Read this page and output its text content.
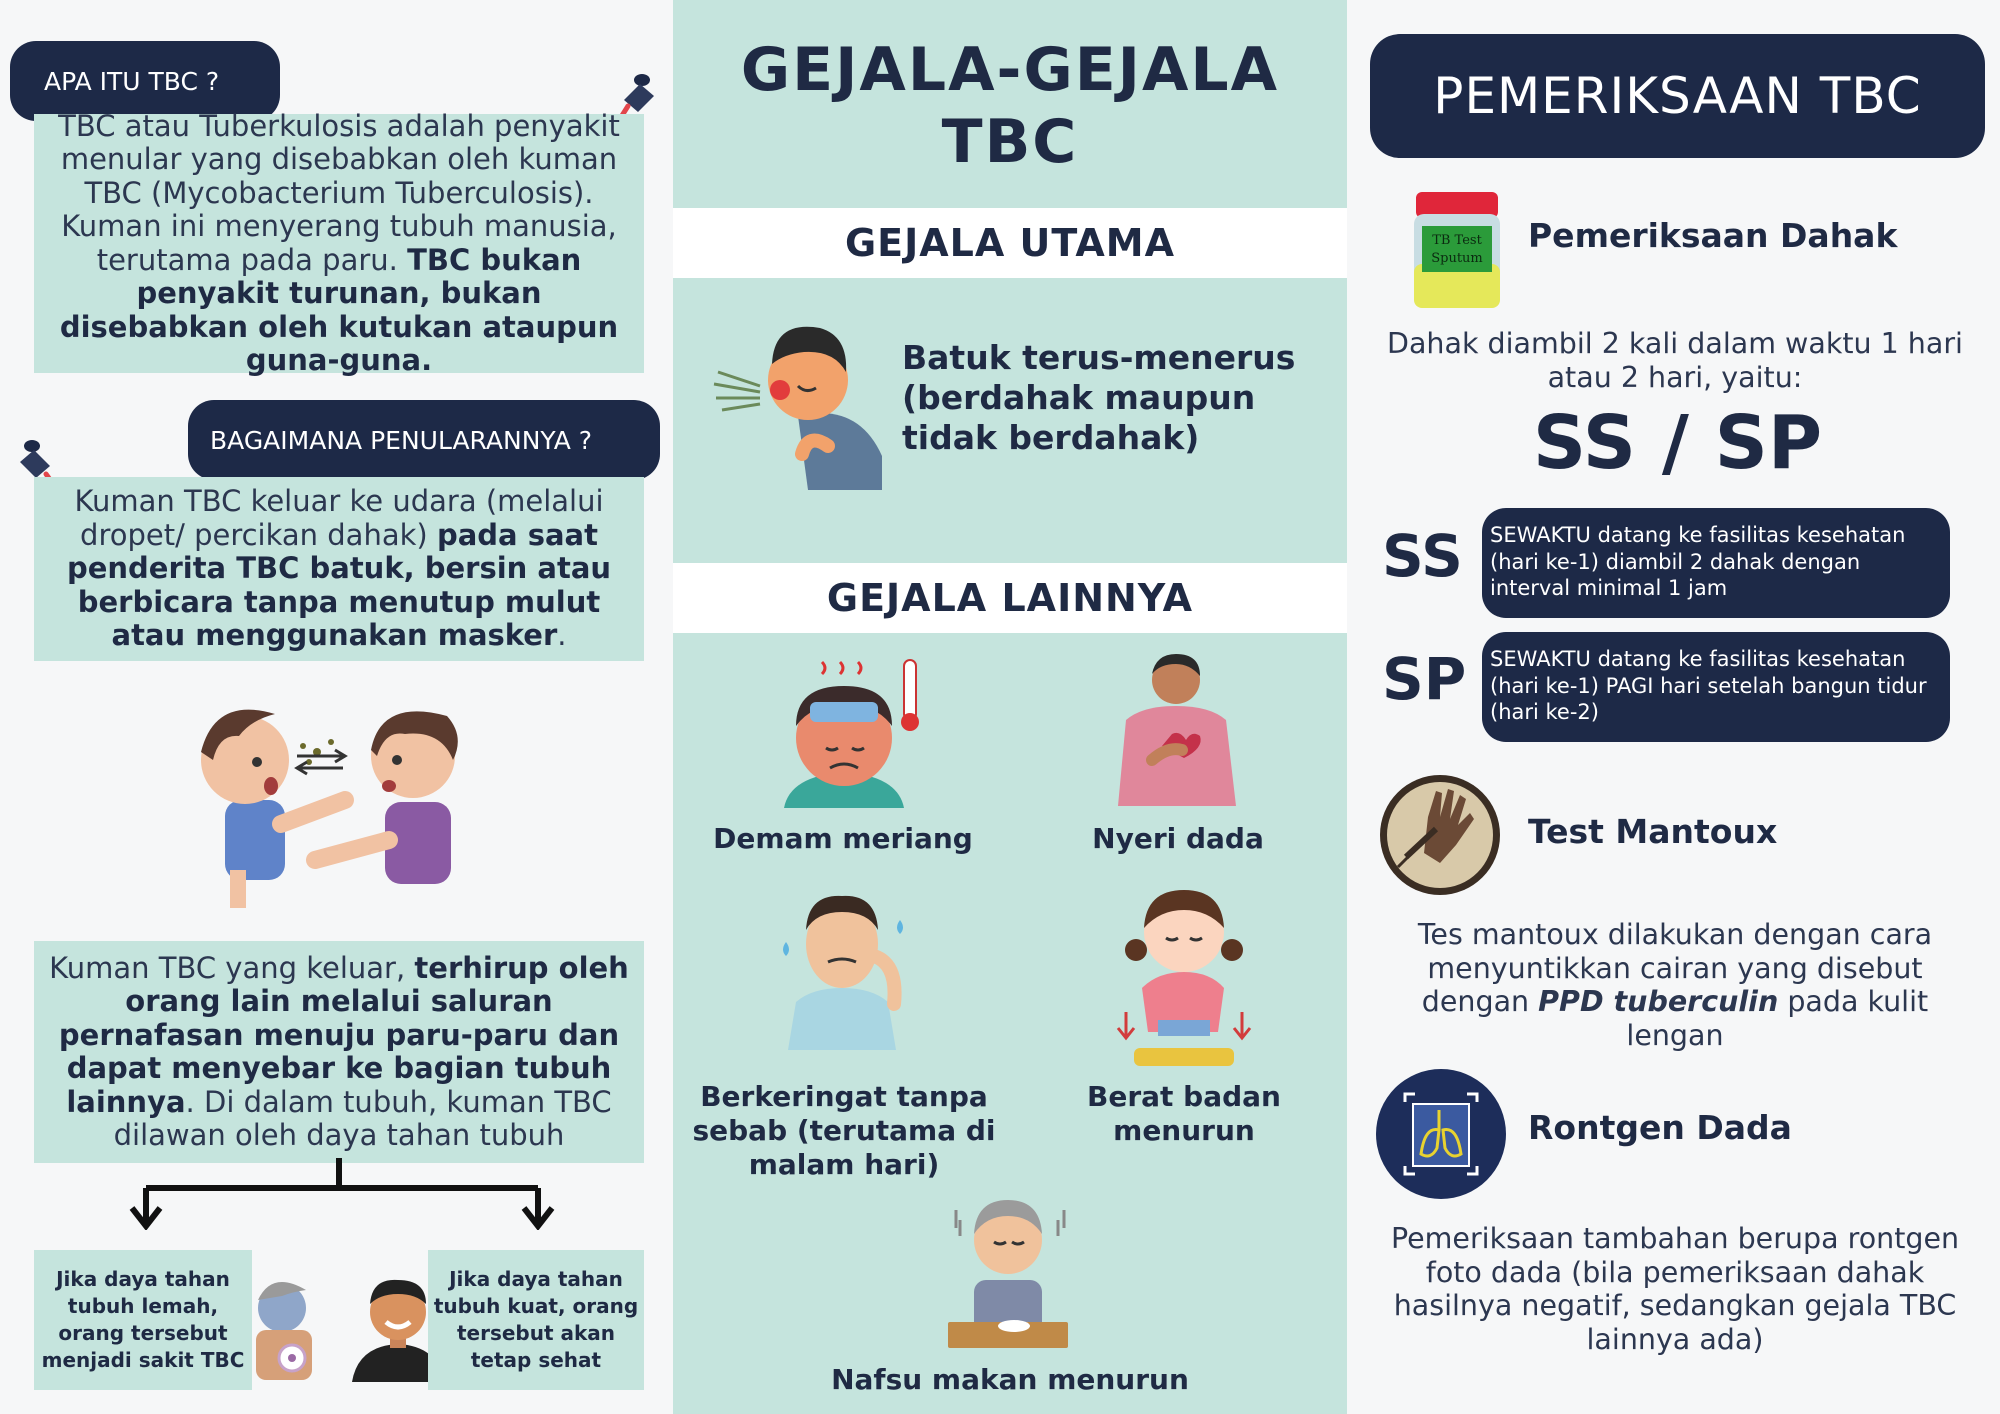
APA ITU TBC ?

TBC atau Tuberkulosis adalah penyakit menular yang disebabkan oleh kuman TBC (Mycobacterium Tuberculosis). Kuman ini menyerang tubuh manusia, terutama pada paru. TBC bukan penyakit turunan, bukan disebabkan oleh kutukan ataupun guna-guna.

BAGAIMANA PENULARANNYA ?

Kuman TBC keluar ke udara (melalui dropet/ percikan dahak) pada saat penderita TBC batuk, bersin atau berbicara tanpa menutup mulut atau menggunakan masker.

Kuman TBC yang keluar, terhirup oleh orang lain melalui saluran pernafasan menuju paru-paru dan dapat menyebar ke bagian tubuh lainnya. Di dalam tubuh, kuman TBC dilawan oleh daya tahan tubuh

Jika daya tahan tubuh lemah, orang tersebut menjadi sakit TBC
Jika daya tahan tubuh kuat, orang tersebut akan tetap sehat
GEJALA-GEJALA
TBC
GEJALA UTAMA
Batuk terus-menerus
(berdahak maupun
tidak berdahak)
GEJALA LAINNYA
Demam meriang	Nyeri dada
Berkeringat tanpa sebab (terutama di malam hari)
Berat badan menurun
Nafsu makan menurun
PEMERIKSAAN TBC
TB Test
Sputum
Pemeriksaan Dahak
Dahak diambil 2 kali dalam waktu 1 hari atau 2 hari, yaitu:
SS / SP
SS	SEWAKTU datang ke fasilitas kesehatan (hari ke-1) diambil 2 dahak dengan interval minimal 1 jam
SP	SEWAKTU datang ke fasilitas kesehatan (hari ke-1) PAGI hari setelah bangun tidur (hari ke-2)
Test Mantoux
Tes mantoux dilakukan dengan cara menyuntikkan cairan yang disebut dengan PPD tuberculin pada kulit lengan
Rontgen Dada
Pemeriksaan tambahan berupa rontgen foto dada (bila pemeriksaan dahak hasilnya negatif, sedangkan gejala TBC lainnya ada)
